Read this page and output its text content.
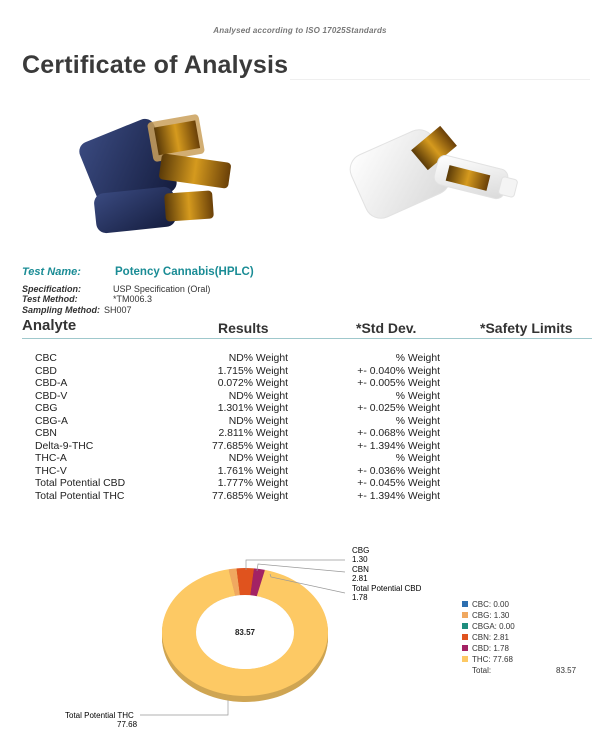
Analysed according to ISO 17025Standards
Certificate of Analysis
Test Name:	Potency Cannabis(HPLC)
Specification:	USP Specification (Oral)
Test Method:	*TM006.3
Sampling Method: SH007
Analyte	Results	*Std Dev.	*Safety Limits
CBC	ND% Weight	% Weight
CBD	1.715% Weight	+- 0.040% Weight
CBD-A	0.072% Weight	+- 0.005% Weight
CBD-V	ND% Weight	% Weight
CBG	1.301% Weight	+- 0.025% Weight
CBG-A	ND% Weight	% Weight
CBN	2.811% Weight	+- 0.068% Weight
Delta-9-THC	77.685% Weight	+- 1.394% Weight
THC-A	ND% Weight	% Weight
THC-V	1.761% Weight	+- 0.036% Weight
Total Potential CBD	1.777% Weight	+- 0.045% Weight
Total Potential THC	77.685% Weight	+- 1.394% Weight
83.57
CBG
1.30
CBN
2.81
Total Potential CBD
1.78
Total Potential THC
77.68
CBC: 0.00
CBG: 1.30
CBGA: 0.00
CBN: 2.81
CBD: 1.78
THC: 77.68
Total:	83.57
